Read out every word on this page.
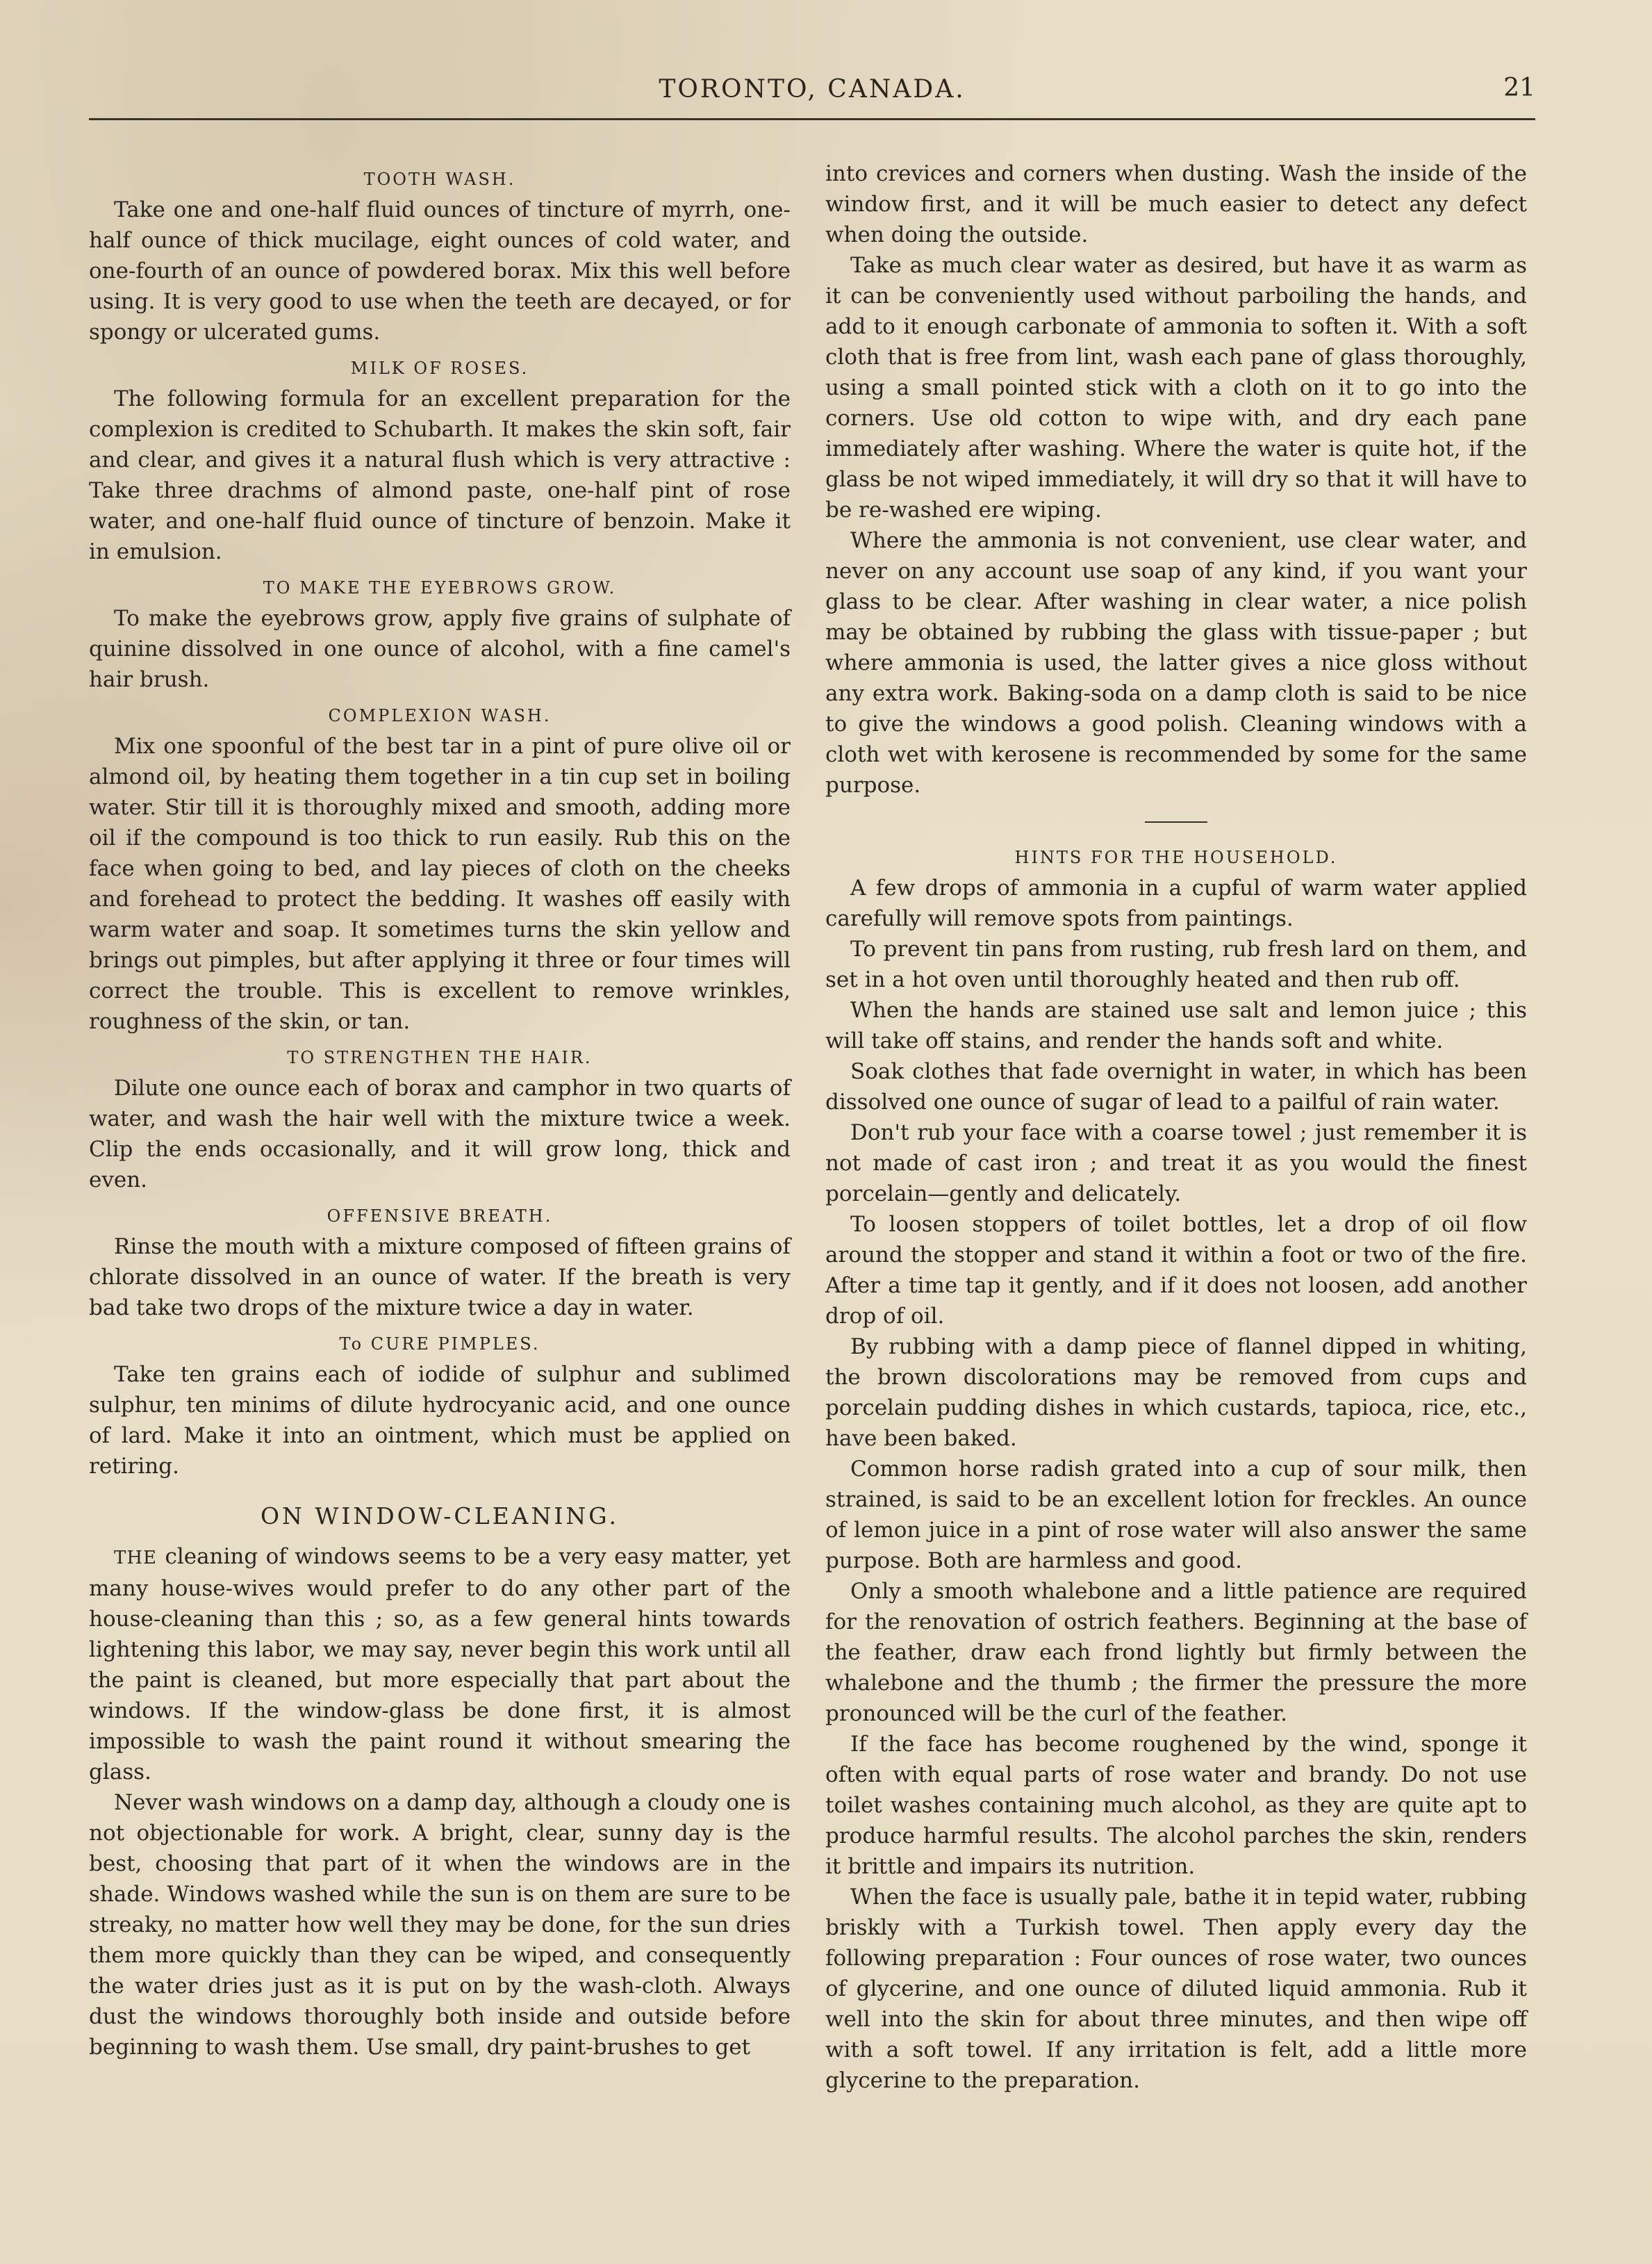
TORONTO, CANADA.	21
TOOTH WASH.

Take one and one-half fluid ounces of tincture of myrrh, one-half ounce of thick mucilage, eight ounces of cold water, and one-fourth of an ounce of powdered borax. Mix this well before using. It is very good to use when the teeth are decayed, or for spongy or ulcerated gums.

MILK OF ROSES.

The following formula for an excellent preparation for the complexion is credited to Schubarth. It makes the skin soft, fair and clear, and gives it a natural flush which is very attractive : Take three drachms of almond paste, one-half pint of rose water, and one-half fluid ounce of tincture of benzoin. Make it in emulsion.

TO MAKE THE EYEBROWS GROW.

To make the eyebrows grow, apply five grains of sulphate of quinine dissolved in one ounce of alcohol, with a fine camel's hair brush.

COMPLEXION WASH.

Mix one spoonful of the best tar in a pint of pure olive oil or almond oil, by heating them together in a tin cup set in boiling water. Stir till it is thoroughly mixed and smooth, adding more oil if the compound is too thick to run easily. Rub this on the face when going to bed, and lay pieces of cloth on the cheeks and forehead to protect the bedding. It washes off easily with warm water and soap. It sometimes turns the skin yellow and brings out pimples, but after applying it three or four times will correct the trouble. This is excellent to remove wrinkles, roughness of the skin, or tan.

TO STRENGTHEN THE HAIR.

Dilute one ounce each of borax and camphor in two quarts of water, and wash the hair well with the mixture twice a week. Clip the ends occasionally, and it will grow long, thick and even.

OFFENSIVE BREATH.

Rinse the mouth with a mixture composed of fifteen grains of chlorate dissolved in an ounce of water. If the breath is very bad take two drops of the mixture twice a day in water.

To CURE PIMPLES.

Take ten grains each of iodide of sulphur and sublimed sulphur, ten minims of dilute hydrocyanic acid, and one ounce of lard. Make it into an ointment, which must be applied on retiring.

ON WINDOW-CLEANING.

THE cleaning of windows seems to be a very easy matter, yet many house-wives would prefer to do any other part of the house-cleaning than this ; so, as a few general hints towards lightening this labor, we may say, never begin this work until all the paint is cleaned, but more especially that part about the windows. If the window-glass be done first, it is almost impossible to wash the paint round it without smearing the glass.

Never wash windows on a damp day, although a cloudy one is not objectionable for work. A bright, clear, sunny day is the best, choosing that part of it when the windows are in the shade. Windows washed while the sun is on them are sure to be streaky, no matter how well they may be done, for the sun dries them more quickly than they can be wiped, and consequently the water dries just as it is put on by the wash-cloth. Always dust the windows thoroughly both inside and outside before beginning to wash them. Use small, dry paint-brushes to get

into crevices and corners when dusting. Wash the inside of the window first, and it will be much easier to detect any defect when doing the outside.

Take as much clear water as desired, but have it as warm as it can be conveniently used without parboiling the hands, and add to it enough carbonate of ammonia to soften it. With a soft cloth that is free from lint, wash each pane of glass thoroughly, using a small pointed stick with a cloth on it to go into the corners. Use old cotton to wipe with, and dry each pane immediately after washing. Where the water is quite hot, if the glass be not wiped immediately, it will dry so that it will have to be re-washed ere wiping.

Where the ammonia is not convenient, use clear water, and never on any account use soap of any kind, if you want your glass to be clear. After washing in clear water, a nice polish may be obtained by rubbing the glass with tissue-paper ; but where ammonia is used, the latter gives a nice gloss without any extra work. Baking-soda on a damp cloth is said to be nice to give the windows a good polish. Cleaning windows with a cloth wet with kerosene is recommended by some for the same purpose.

HINTS FOR THE HOUSEHOLD.

A few drops of ammonia in a cupful of warm water applied carefully will remove spots from paintings.

To prevent tin pans from rusting, rub fresh lard on them, and set in a hot oven until thoroughly heated and then rub off.

When the hands are stained use salt and lemon juice ; this will take off stains, and render the hands soft and white.

Soak clothes that fade overnight in water, in which has been dissolved one ounce of sugar of lead to a pailful of rain water.

Don't rub your face with a coarse towel ; just remember it is not made of cast iron ; and treat it as you would the finest porcelain—gently and delicately.

To loosen stoppers of toilet bottles, let a drop of oil flow around the stopper and stand it within a foot or two of the fire. After a time tap it gently, and if it does not loosen, add another drop of oil.

By rubbing with a damp piece of flannel dipped in whiting, the brown discolorations may be removed from cups and porcelain pudding dishes in which custards, tapioca, rice, etc., have been baked.

Common horse radish grated into a cup of sour milk, then strained, is said to be an excellent lotion for freckles. An ounce of lemon juice in a pint of rose water will also answer the same purpose. Both are harmless and good.

Only a smooth whalebone and a little patience are required for the renovation of ostrich feathers. Beginning at the base of the feather, draw each frond lightly but firmly between the whalebone and the thumb ; the firmer the pressure the more pronounced will be the curl of the feather.

If the face has become roughened by the wind, sponge it often with equal parts of rose water and brandy. Do not use toilet washes containing much alcohol, as they are quite apt to produce harmful results. The alcohol parches the skin, renders it brittle and impairs its nutrition.

When the face is usually pale, bathe it in tepid water, rubbing briskly with a Turkish towel. Then apply every day the following preparation : Four ounces of rose water, two ounces of glycerine, and one ounce of diluted liquid ammonia. Rub it well into the skin for about three minutes, and then wipe off with a soft towel. If any irritation is felt, add a little more glycerine to the preparation.
